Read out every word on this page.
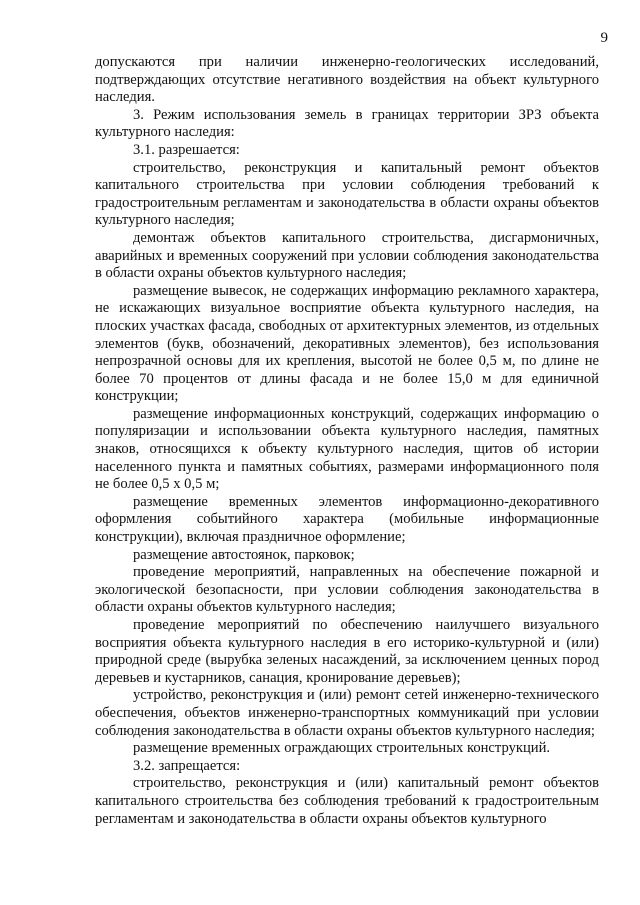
9

допускаются при наличии инженерно-геологических исследований, подтверждающих отсутствие негативного воздействия на объект культурного наследия.

3. Режим использования земель в границах территории ЗРЗ объекта культурного наследия:

3.1. разрешается:

строительство, реконструкция и капитальный ремонт объектов капитального строительства при условии соблюдения требований к градостроительным регламентам и законодательства в области охраны объектов культурного наследия;

демонтаж объектов капитального строительства, дисгармоничных, аварийных и временных сооружений при условии соблюдения законодательства в области охраны объектов культурного наследия;

размещение вывесок, не содержащих информацию рекламного характера, не искажающих визуальное восприятие объекта культурного наследия, на плоских участках фасада, свободных от архитектурных элементов, из отдельных элементов (букв, обозначений, декоративных элементов), без использования непрозрачной основы для их крепления, высотой не более 0,5 м, по длине не более 70 процентов от длины фасада и не более 15,0 м для единичной конструкции;

размещение информационных конструкций, содержащих информацию о популяризации и использовании объекта культурного наследия, памятных знаков, относящихся к объекту культурного наследия, щитов об истории населенного пункта и памятных событиях, размерами информационного поля не более 0,5 х 0,5 м;

размещение временных элементов информационно-декоративного оформления событийного характера (мобильные информационные конструкции), включая праздничное оформление;

размещение автостоянок, парковок;

проведение мероприятий, направленных на обеспечение пожарной и экологической безопасности, при условии соблюдения законодательства в области охраны объектов культурного наследия;

проведение мероприятий по обеспечению наилучшего визуального восприятия объекта культурного наследия в его историко-культурной и (или) природной среде (вырубка зеленых насаждений, за исключением ценных пород деревьев и кустарников, санация, кронирование деревьев);

устройство, реконструкция и (или) ремонт сетей инженерно-технического обеспечения, объектов инженерно-транспортных коммуникаций при условии соблюдения законодательства в области охраны объектов культурного наследия;

размещение временных ограждающих строительных конструкций.

3.2. запрещается:

строительство, реконструкция и (или) капитальный ремонт объектов капитального строительства без соблюдения требований к градостроительным регламентам и законодательства в области охраны объектов культурного
